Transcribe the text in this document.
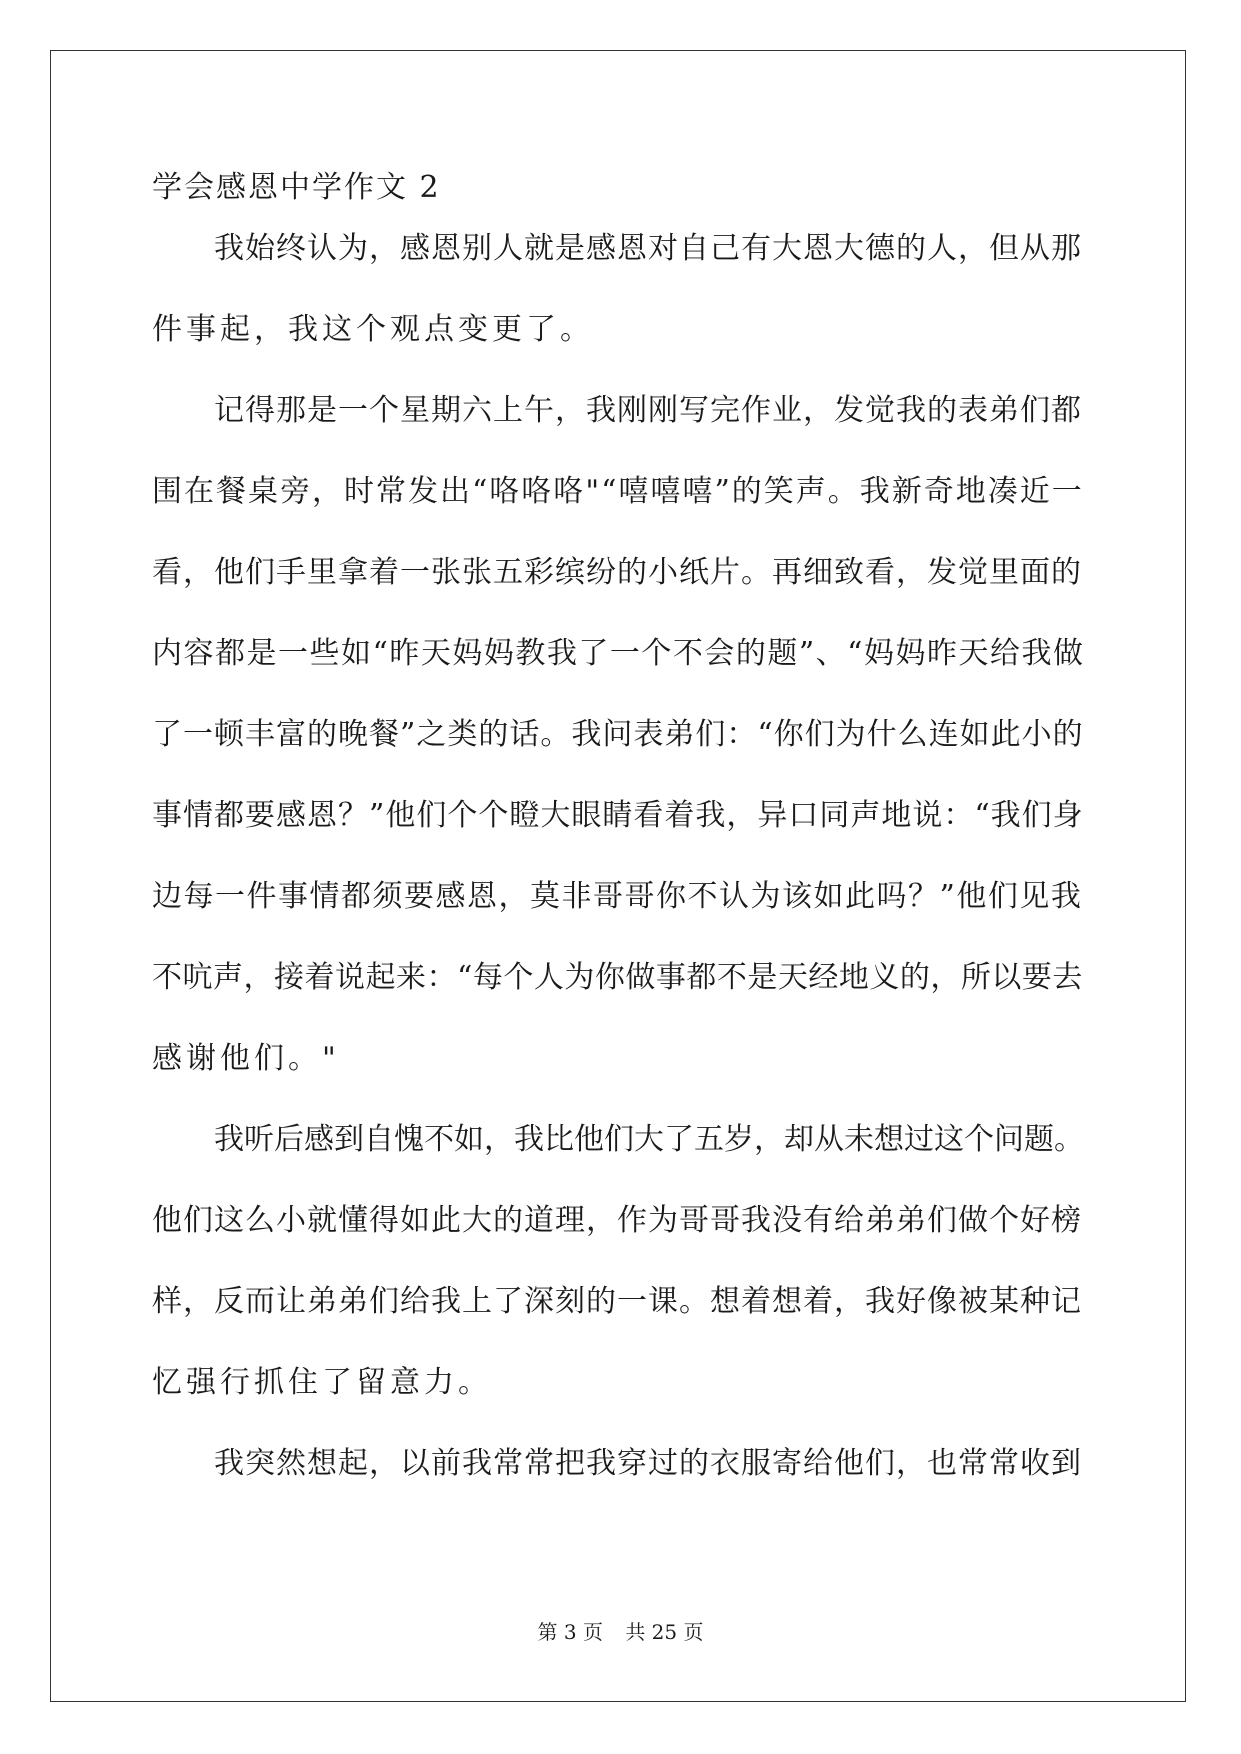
学会感恩中学作文 2
我始终认为，感恩别人就是感恩对自己有大恩大德的人，但从那
件事起，我这个观点变更了。
记得那是一个星期六上午，我刚刚写完作业，发觉我的表弟们都
围在餐桌旁，时常发出“咯咯咯"“嘻嘻嘻”的笑声。我新奇地凑近一
看，他们手里拿着一张张五彩缤纷的小纸片。再细致看，发觉里面的
内容都是一些如“昨天妈妈教我了一个不会的题”、“妈妈昨天给我做
了一顿丰富的晚餐”之类的话。我问表弟们：“你们为什么连如此小的
事情都要感恩？”他们个个瞪大眼睛看着我，异口同声地说：“我们身
边每一件事情都须要感恩，莫非哥哥你不认为该如此吗？”他们见我
不吭声，接着说起来：“每个人为你做事都不是天经地义的，所以要去
感谢他们。"
我听后感到自愧不如，我比他们大了五岁，却从未想过这个问题。
他们这么小就懂得如此大的道理，作为哥哥我没有给弟弟们做个好榜
样，反而让弟弟们给我上了深刻的一课。想着想着，我好像被某种记
忆强行抓住了留意力。
我突然想起，以前我常常把我穿过的衣服寄给他们，也常常收到
第 3 页 共 25 页
